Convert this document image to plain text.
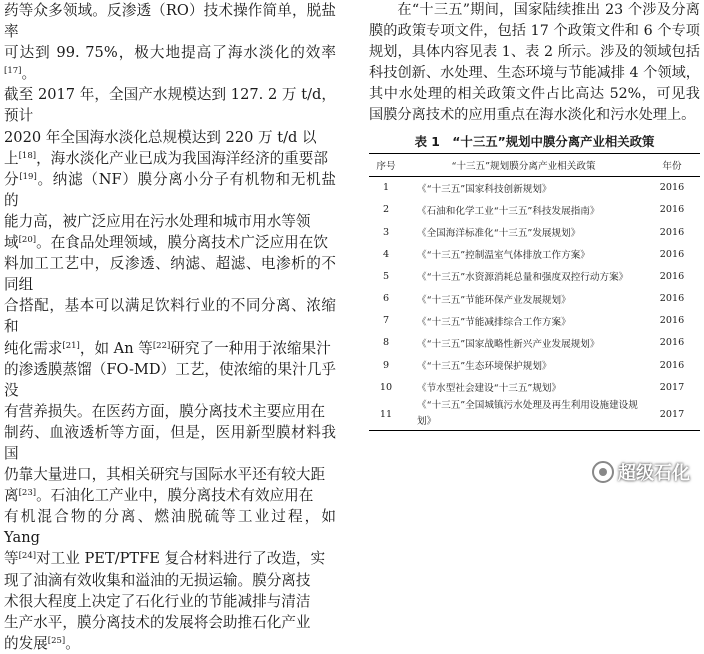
药等众多领域。反渗透（RO）技术操作简单，脱盐率

可达到 99. 75%，极大地提高了海水淡化的效率[17]。

截至 2017 年，全国产水规模达到 127. 2 万 t/d，预计

2020 年全国海水淡化总规模达到 220 万 t/d 以

上[18]，海水淡化产业已成为我国海洋经济的重要部

分[19]。纳滤（NF）膜分离小分子有机物和无机盐的

能力高，被广泛应用在污水处理和城市用水等领

域[20]。在食品处理领域，膜分离技术广泛应用在饮

料加工工艺中，反渗透、纳滤、超滤、电渗析的不同组

合搭配，基本可以满足饮料行业的不同分离、浓缩和

纯化需求[21]，如 An 等[22]研究了一种用于浓缩果汁

的渗透膜蒸馏（FO-MD）工艺，使浓缩的果汁几乎没

有营养损失。在医药方面，膜分离技术主要应用在

制药、血液透析等方面，但是，医用新型膜材料我国

仍靠大量进口，其相关研究与国际水平还有较大距

离[23]。石油化工产业中，膜分离技术有效应用在

有机混合物的分离、燃油脱硫等工业过程，如 Yang

等[24]对工业 PET/PTFE 复合材料进行了改造，实

现了油滴有效收集和溢油的无损运输。膜分离技

术很大程度上决定了石化行业的节能减排与清洁

生产水平，膜分离技术的发展将会助推石化产业

的发展[25]。

在“十三五”期间，国家陆续推出 23 个涉及分离膜的政策专项文件，包括 17 个政策文件和 6 个专项规划，具体内容见表 1、表 2 所示。涉及的领域包括科技创新、水处理、生态环境与节能减排 4 个领域，其中水处理的相关政策文件占比高达 52%，可见我国膜分离技术的应用重点在海水淡化和污水处理上。

表 1　“十三五”规划中膜分离产业相关政策
序号	“十三五”规划膜分离产业相关政策	年份
1	《“十三五”国家科技创新规划》	2016
2	《石油和化学工业“十三五”科技发展指南》	2016
3	《全国海洋标准化“十三五”发展规划》	2016
4	《“十三五”控制温室气体排放工作方案》	2016
5	《“十三五”水资源消耗总量和强度双控行动方案》	2016
6	《“十三五”节能环保产业发展规划》	2016
7	《“十三五”节能减排综合工作方案》	2016
8	《“十三五”国家战略性新兴产业发展规划》	2016
9	《“十三五”生态环境保护规划》	2016
10	《节水型社会建设“十三五”规划》	2017
11	《“十三五”全国城镇污水处理及再生利用设施建设规划》	2017
超级石化
